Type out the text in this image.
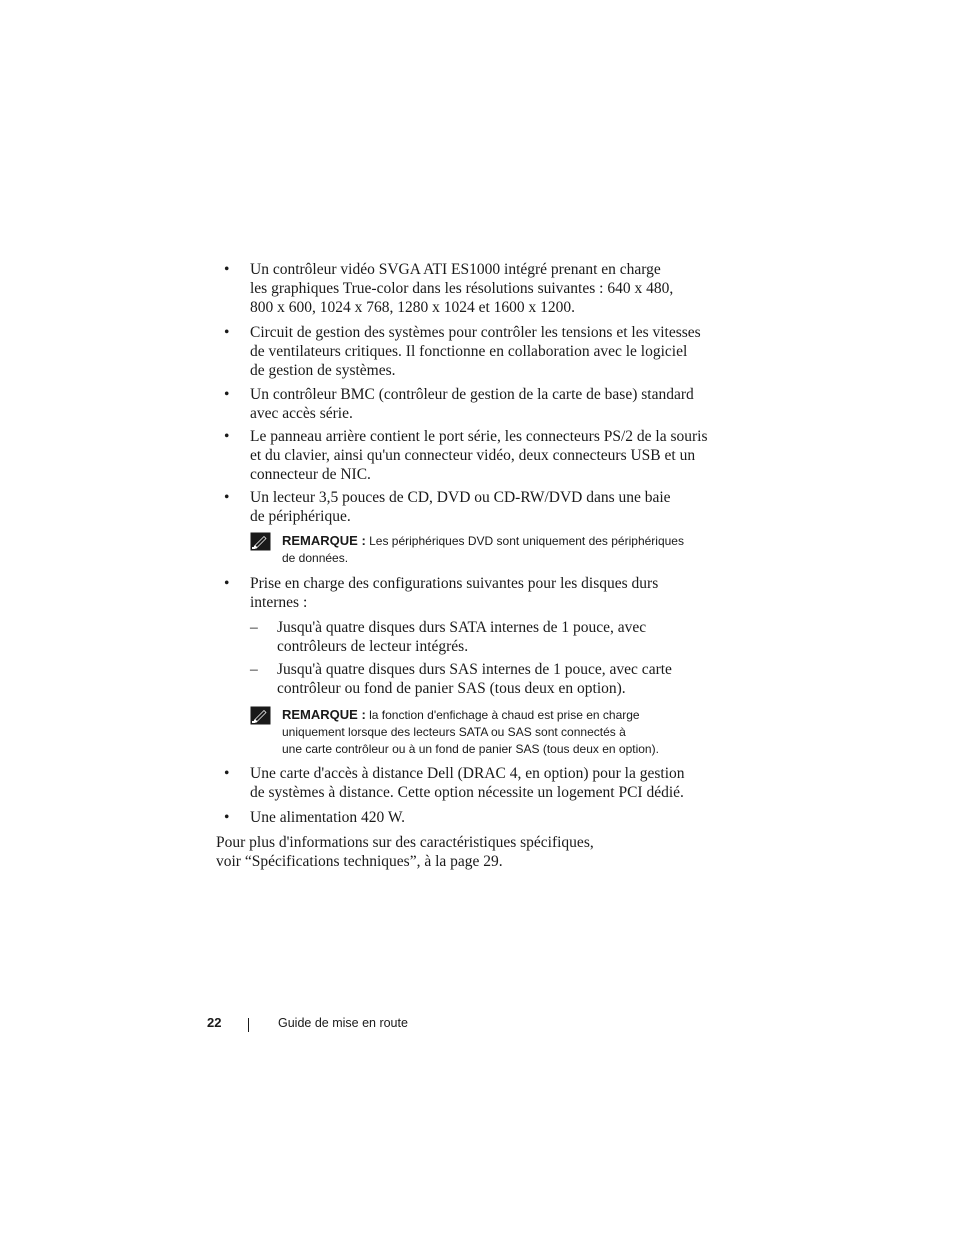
•	Un contrôleur vidéo SVGA ATI ES1000 intégré prenant en charge
les graphiques True-color dans les résolutions suivantes : 640 x 480,
800 x 600, 1024 x 768, 1280 x 1024 et 1600 x 1200.
•	Circuit de gestion des systèmes pour contrôler les tensions et les vitesses
de ventilateurs critiques. Il fonctionne en collaboration avec le logiciel
de gestion de systèmes.
•	Un contrôleur BMC (contrôleur de gestion de la carte de base) standard
avec accès série.
•	Le panneau arrière contient le port série, les connecteurs PS/2 de la souris
et du clavier, ainsi qu'un connecteur vidéo, deux connecteurs USB et un
connecteur de NIC.
•	Un lecteur 3,5 pouces de CD, DVD ou CD-RW/DVD dans une baie
de périphérique.
REMARQUE : Les périphériques DVD sont uniquement des périphériques
de données.
•	Prise en charge des configurations suivantes pour les disques durs
internes :
– Jusqu'à quatre disques durs SATA internes de 1 pouce, avec
contrôleurs de lecteur intégrés.
– Jusqu'à quatre disques durs SAS internes de 1 pouce, avec carte
contrôleur ou fond de panier SAS (tous deux en option).
REMARQUE : la fonction d'enfichage à chaud est prise en charge
uniquement lorsque des lecteurs SATA ou SAS sont connectés à
une carte contrôleur ou à un fond de panier SAS (tous deux en option).
•	Une carte d'accès à distance Dell (DRAC 4, en option) pour la gestion
de systèmes à distance. Cette option nécessite un logement PCI dédié.
•	Une alimentation 420 W.
Pour plus d'informations sur des caractéristiques spécifiques,
voir “Spécifications techniques”, à la page 29.
22	Guide de mise en route
